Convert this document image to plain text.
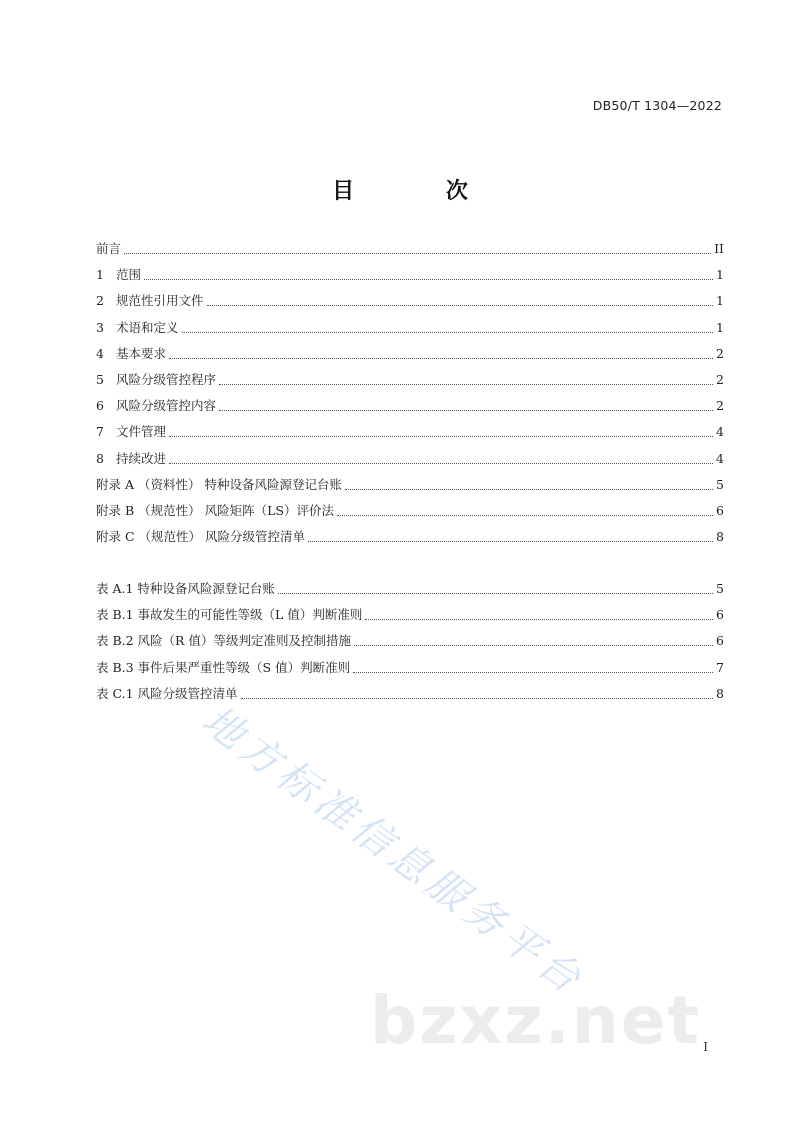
DB50/T 1304—2022
目 次
前言	II
1 范围	1
2 规范性引用文件	1
3 术语和定义	1
4 基本要求	2
5 风险分级管控程序	2
6 风险分级管控内容	2
7 文件管理	4
8 持续改进	4
附录 A （资料性） 特种设备风险源登记台账	5
附录 B （规范性） 风险矩阵（LS）评价法	6
附录 C （规范性） 风险分级管控清单	8
表 A.1 特种设备风险源登记台账	5
表 B.1 事故发生的可能性等级（L 值）判断准则	6
表 B.2 风险（R 值）等级判定准则及控制措施	6
表 B.3 事件后果严重性等级（S 值）判断准则	7
表 C.1 风险分级管控清单	8
地方标准信息服务平台
bzxz.net I
